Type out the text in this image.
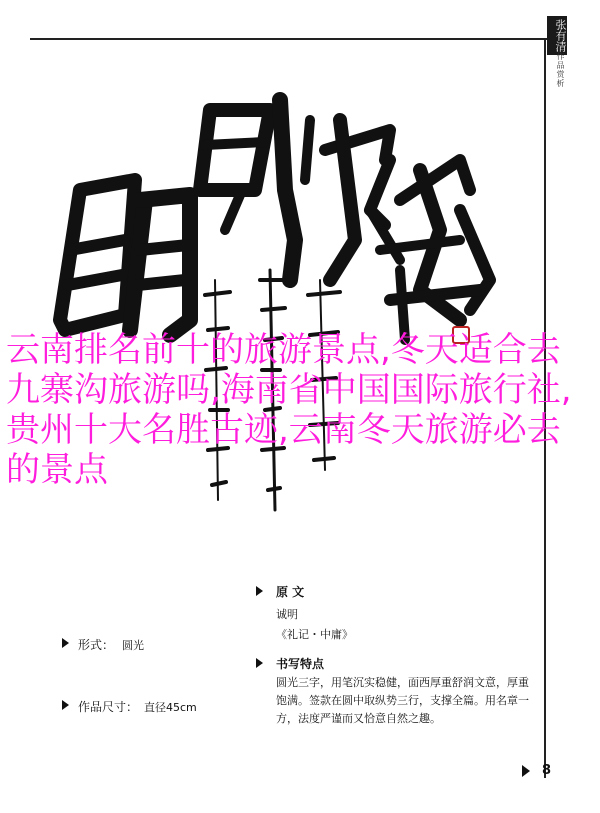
张有清
作品赏析
云南排名前十的旅游景点,冬天适合去九寨沟旅游吗,海南省中国国际旅行社,贵州十大名胜古迹,云南冬天旅游必去的景点
形式： 圆光
作品尺寸： 直径45cm
原 文
诚明
《礼记・中庸》
书写特点
圆光三字，用笔沉实稳健，面西厚重舒润文意，厚重饱满。签款在圆中取纵势三行，支撑全篇。用名章一方，法度严谨而又恰意自然之趣。
8
